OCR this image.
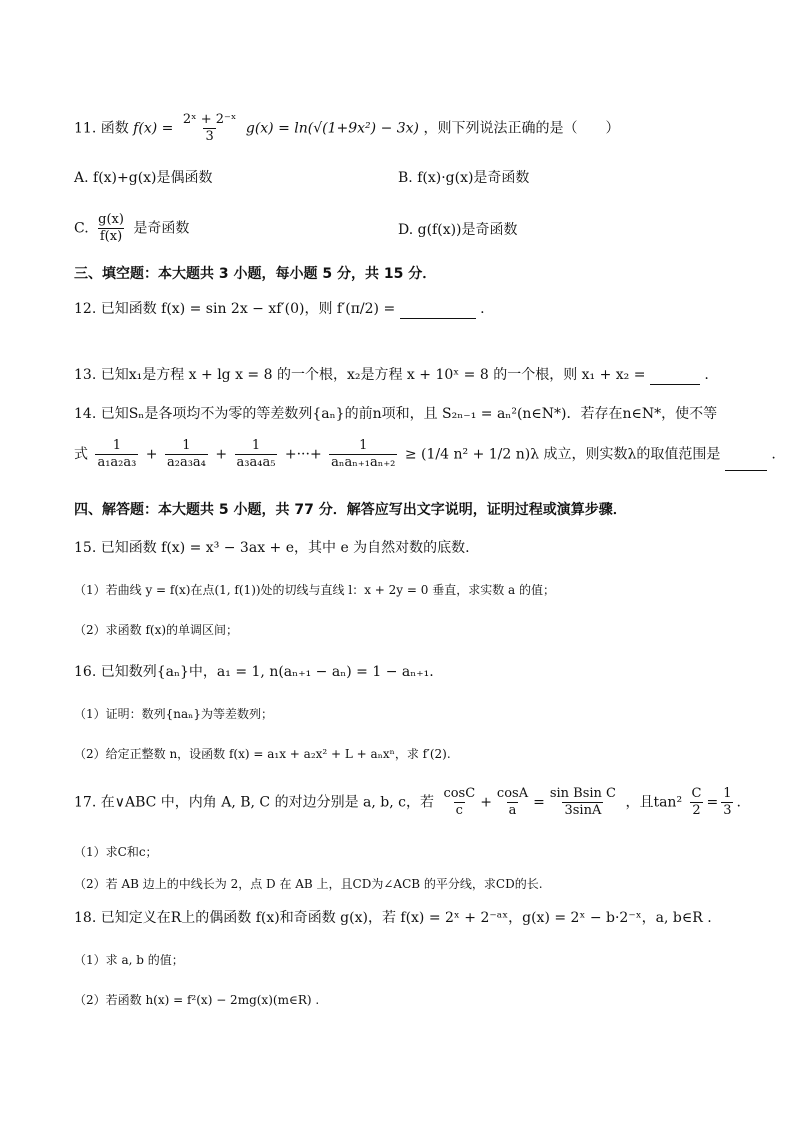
11. 函数 $f(x) = \frac{\text{2ˣ + 2⁻ˣ}}{3} g(x) = \ln(√(1+9x^2) - 3x)$ ，则下列说法正确的是（　　）
A. f(x)+g(x)是偶函数	B. f(x)·g(x)是奇函数
C. $\frac{g(x)}{f(x)}$ 是奇函数	D. g(f(x))是奇函数
三、填空题：本大题共 3 小题，每小题 5 分，共 15 分．
12. 已知函数 f(x) = sin 2x − xf′(0)，则 f′(π/2) =	.
13. 已知x₁是方程 x + lg x = 8 的一个根，x₂是方程 x + 10ˣ = 8 的一个根，则 x₁ + x₂ =	.
14. 已知Sₙ是各项均不为零的等差数列{aₙ}的前n项和，且 S₂ₙ₋₁ = aₙ²(n∈N*)．若存在n∈N*，使不等
式 $\frac{1}{\text{a₁a₂a₃}} + \frac{1}{\text{a₂a₃a₄}} + \frac{1}{\text{a₃a₄a₅}}$ +···+ $\frac{1}{\text{aₙaₙ₊₁aₙ₊₂}} \ge (1/4$ n² + 1/2 n)λ 成立，则实数λ的取值范围是	.
四、解答题：本大题共 5 小题，共 77 分．解答应写出文字说明，证明过程或演算步骤．
15. 已知函数 f(x) = x³ − 3ax + e，其中 e 为自然对数的底数.
（1）若曲线 y = f(x)在点(1, f(1))处的切线与直线 l：x + 2y = 0 垂直，求实数 a 的值；
（2）求函数 f(x)的单调区间；
16. 已知数列{aₙ}中，a₁ = 1, n(aₙ₊₁ − aₙ) = 1 − aₙ₊₁.
（1）证明：数列{naₙ}为等差数列；
（2）给定正整数 n，设函数 f(x) = a₁x + a₂x² + L + aₙxⁿ，求 f′(2).
17. 在∨ABC 中，内角 A, B, C 的对边分别是 a, b, c，若 $\frac{\cos C}{c} + \frac{\cos A}{a} = \frac{\text{sin Bsin C}}{3\sin A}$ ，且$\tan^2 \frac{C}{2} = \frac{1}{3}$ .
（1）求C和c；
（2）若 AB 边上的中线长为 2，点 D 在 AB 上，且CD为∠ACB 的平分线，求CD的长.
18. 已知定义在R上的偶函数 f(x)和奇函数 g(x)，若 f(x) = 2ˣ + 2⁻ᵃˣ，g(x) = 2ˣ − b·2⁻ˣ，a, b∈R .
（1）求 a, b 的值；
（2）若函数 h(x) = f²(x) − 2mg(x)(m∈R) .
